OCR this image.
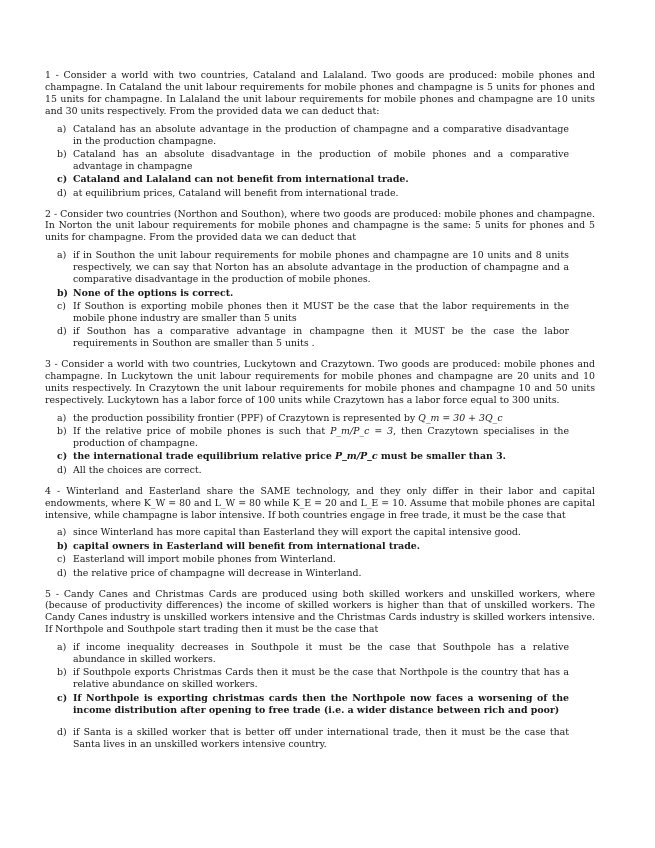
1 - Consider a world with two countries, Cataland and Lalaland. Two goods are produced: mobile phones and champagne. In Cataland the unit labour requirements for mobile phones and champagne is 5 units for phones and 15 units for champagne. In Lalaland the unit labour requirements for mobile phones and champagne are 10 units and 30 units respectively. From the provided data we can deduct that:

a) Cataland has an absolute advantage in the production of champagne and a comparative disadvantage in the production champagne.
b) Cataland has an absolute disadvantage in the production of mobile phones and a comparative advantage in champagne
c) Cataland and Lalaland can not benefit from international trade.
d) at equilibrium prices, Cataland will benefit from international trade.

2 - Consider two countries (Northon and Southon), where two goods are produced: mobile phones and champagne. In Norton the unit labour requirements for mobile phones and champagne is the same: 5 units for phones and 5 units for champagne. From the provided data we can deduct that

a) if in Southon the unit labour requirements for mobile phones and champagne are 10 units and 8 units respectively, we can say that Norton has an absolute advantage in the production of champagne and a comparative disadvantage in the production of mobile phones.
b) None of the options is correct.
c) If Southon is exporting mobile phones then it MUST be the case that the labor requirements in the mobile phone industry are smaller than 5 units
d) if Southon has a comparative advantage in champagne then it MUST be the case the labor requirements in Southon are smaller than 5 units .

3 - Consider a world with two countries, Luckytown and Crazytown. Two goods are produced: mobile phones and champagne. In Luckytown the unit labour requirements for mobile phones and champagne are 20 units and 10 units respectively. In Crazytown the unit labour requirements for mobile phones and champagne 10 and 50 units respectively. Luckytown has a labor force of 100 units while Crazytown has a labor force equal to 300 units.

a) the production possibility frontier (PPF) of Crazytown is represented by Q_m = 30 + 3Q_c
b) If the relative price of mobile phones is such that P_m/P_c = 3, then Crazytown specialises in the production of champagne.
c) the international trade equilibrium relative price P_m/P_c must be smaller than 3.
d) All the choices are correct.

4 - Winterland and Easterland share the SAME technology, and they only differ in their labor and capital endowments, where K_W = 80 and L_W = 80 while K_E = 20 and L_E = 10. Assume that mobile phones are capital intensive, while champagne is labor intensive. If both countries engage in free trade, it must be the case that

a) since Winterland has more capital than Easterland they will export the capital intensive good.
b) capital owners in Easterland will benefit from international trade.
c) Easterland will import mobile phones from Winterland.
d) the relative price of champagne will decrease in Winterland.

5 - Candy Canes and Christmas Cards are produced using both skilled workers and unskilled workers, where (because of productivity differences) the income of skilled workers is higher than that of unskilled workers. The Candy Canes industry is unskilled workers intensive and the Christmas Cards industry is skilled workers intensive. If Northpole and Southpole start trading then it must be the case that

a) if income inequality decreases in Southpole it must be the case that Southpole has a relative abundance in skilled workers.
b) if Southpole exports Christmas Cards then it must be the case that Northpole is the country that has a relative abundance on skilled workers.
c) If Northpole is exporting christmas cards then the Northpole now faces a worsening of the income distribution after opening to free trade (i.e. a wider distance between rich and poor)
d) if Santa is a skilled worker that is better off under international trade, then it must be the case that Santa lives in an unskilled workers intensive country.
